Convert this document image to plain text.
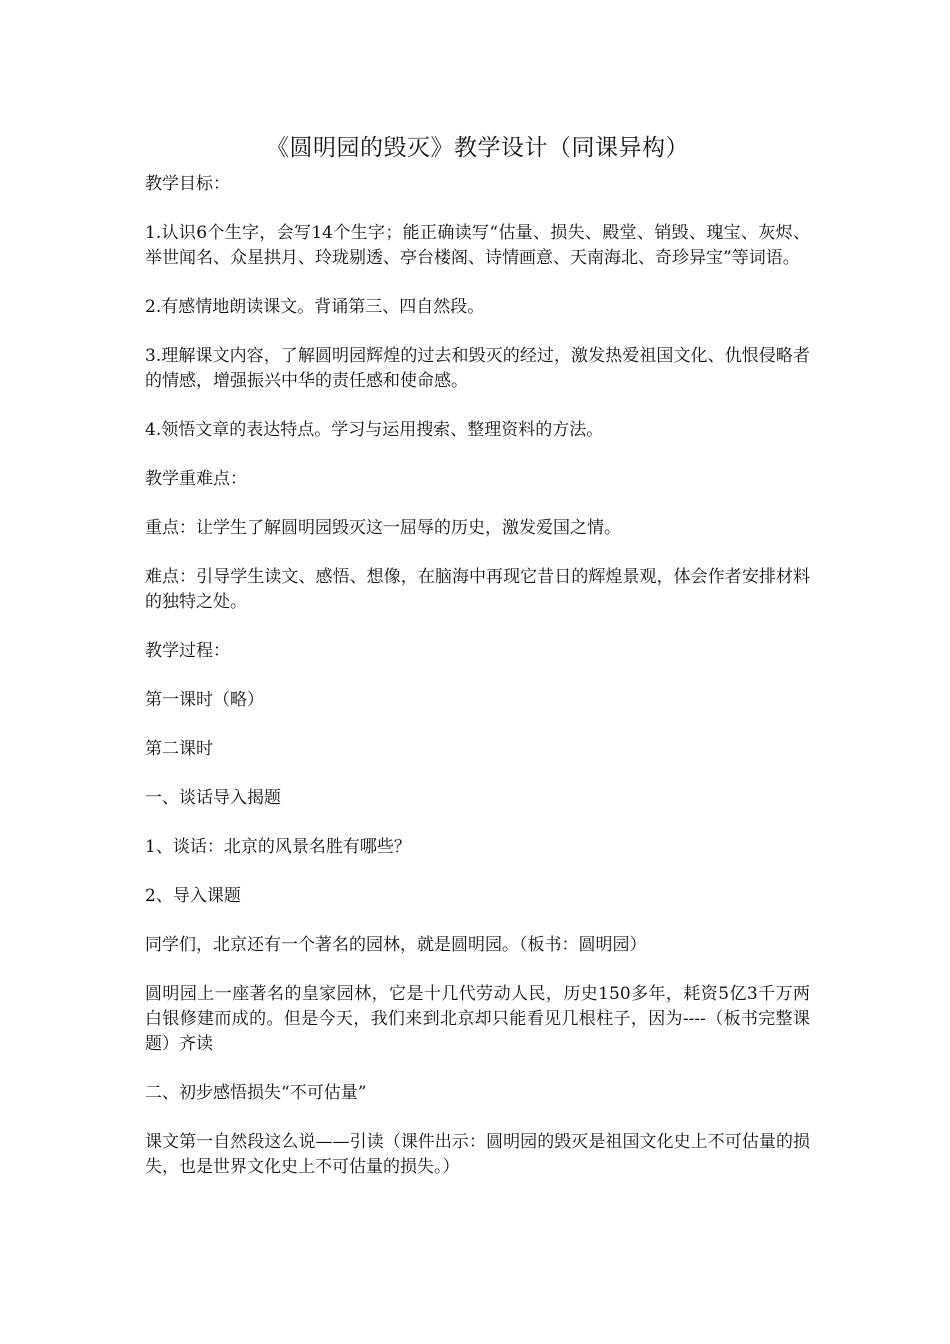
《圆明园的毁灭》教学设计（同课异构）

教学目标：

1.认识6个生字，会写14个生字；能正确读写“估量、损失、殿堂、销毁、瑰宝、灰烬、举世闻名、众星拱月、玲珑剔透、亭台楼阁、诗情画意、天南海北、奇珍异宝”等词语。

2.有感情地朗读课文。背诵第三、四自然段。

3.理解课文内容，了解圆明园辉煌的过去和毁灭的经过，激发热爱祖国文化、仇恨侵略者的情感，增强振兴中华的责任感和使命感。

4.领悟文章的表达特点。学习与运用搜索、整理资料的方法。

教学重难点：

重点：让学生了解圆明园毁灭这一屈辱的历史，激发爱国之情。

难点：引导学生读文、感悟、想像，在脑海中再现它昔日的辉煌景观，体会作者安排材料的独特之处。

教学过程：

第一课时（略）

第二课时

一、谈话导入揭题

1、谈话：北京的风景名胜有哪些？

2、导入课题

同学们，北京还有一个著名的园林，就是圆明园。（板书：圆明园）

圆明园上一座著名的皇家园林，它是十几代劳动人民，历史150多年，耗资5亿3千万两白银修建而成的。但是今天，我们来到北京却只能看见几根柱子，因为----（板书完整课题）齐读

二、初步感悟损失“不可估量”

课文第一自然段这么说——引读（课件出示：圆明园的毁灭是祖国文化史上不可估量的损失，也是世界文化史上不可估量的损失。）
